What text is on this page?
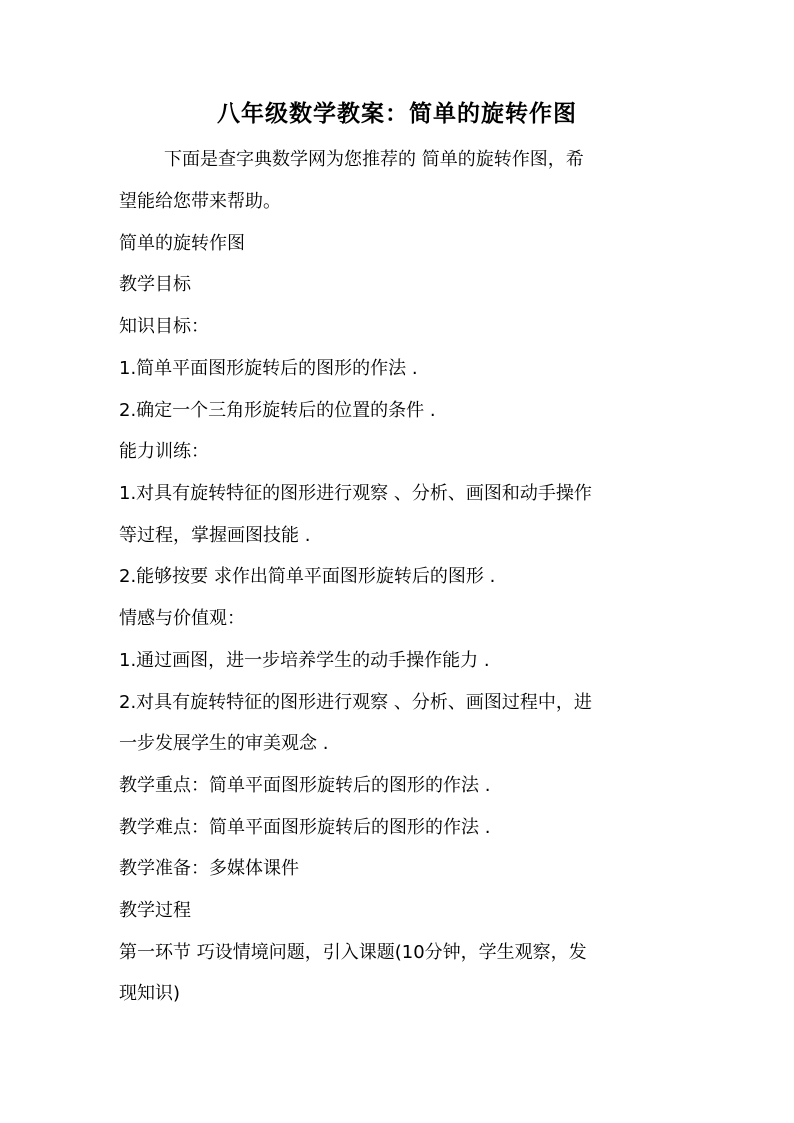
八年级数学教案：简单的旋转作图
下面是查字典数学网为您推荐的 简单的旋转作图，希
望能给您带来帮助。
简单的旋转作图
教学目标
知识目标：
1.简单平面图形旋转后的图形的作法 .
2.确定一个三角形旋转后的位置的条件 .
能力训练：
1.对具有旋转特征的图形进行观察 、分析、画图和动手操作
等过程，掌握画图技能 .
2.能够按要 求作出简单平面图形旋转后的图形 .
情感与价值观：
1.通过画图，进一步培养学生的动手操作能力 .
2.对具有旋转特征的图形进行观察 、分析、画图过程中，进
一步发展学生的审美观念 .
教学重点：简单平面图形旋转后的图形的作法 .
教学难点：简单平面图形旋转后的图形的作法 .
教学准备：多媒体课件
教学过程
第一环节 巧设情境问题，引入课题(10分钟，学生观察，发
现知识)
